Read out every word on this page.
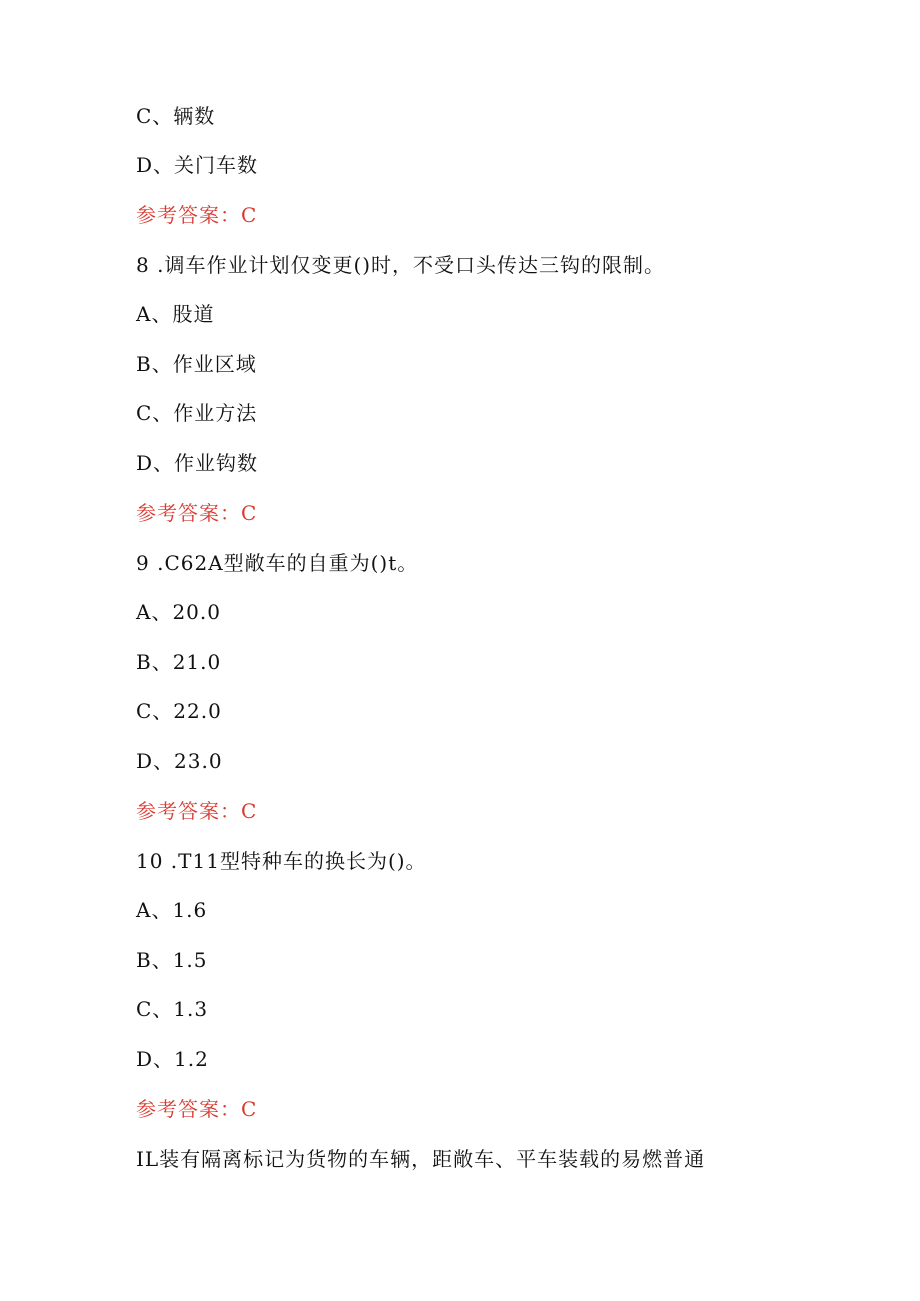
C、辆数
D、关门车数
参考答案：C
8 .调车作业计划仅变更()时，不受口头传达三钩的限制。
A、股道
B、作业区域
C、作业方法
D、作业钩数
参考答案：C
9 .C62A型敞车的自重为()t。
A、20.0
B、21.0
C、22.0
D、23.0
参考答案：C
10 .T11型特种车的换长为()。
A、1.6
B、1.5
C、1.3
D、1.2
参考答案：C
IL装有隔离标记为货物的车辆，距敞车、平车装载的易燃普通
